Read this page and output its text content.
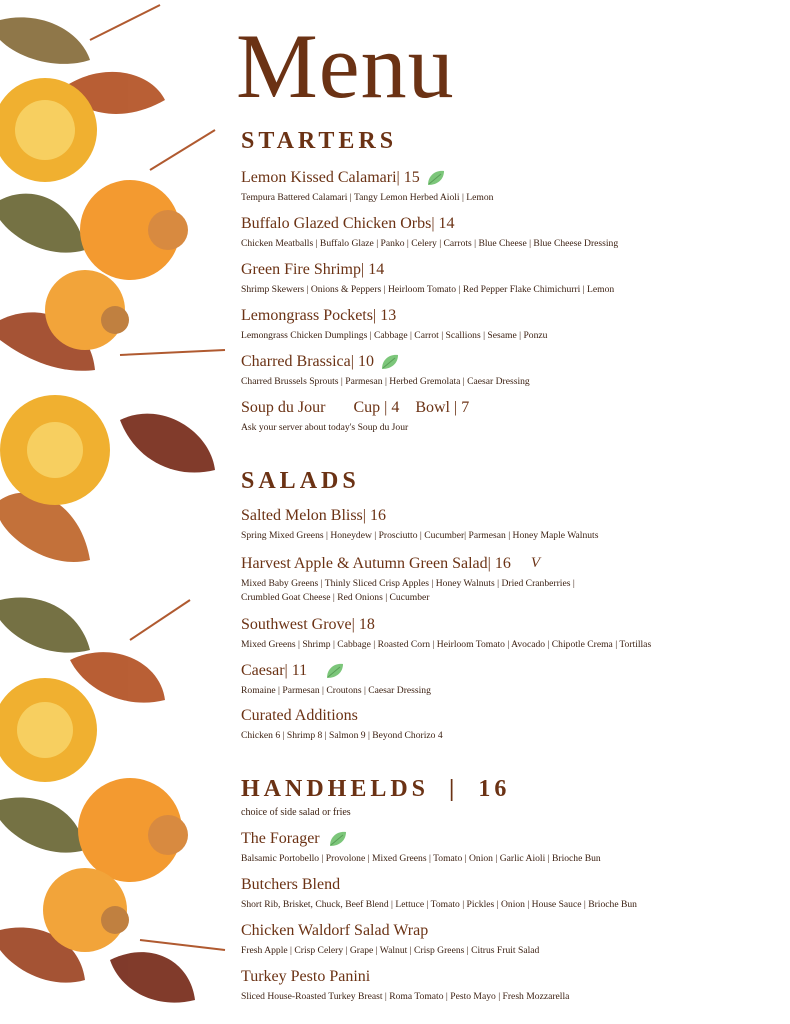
Menu
STARTERS
Lemon Kissed Calamari | 15
Tempura Battered Calamari | Tangy Lemon Herbed Aioli | Lemon
Buffalo Glazed Chicken Orbs | 14
Chicken Meatballs | Buffalo Glaze | Panko | Celery | Carrots | Blue Cheese | Blue Cheese Dressing
Green Fire Shrimp | 14
Shrimp Skewers | Onions & Peppers | Heirloom Tomato | Red Pepper Flake Chimichurri | Lemon
Lemongrass Pockets | 13
Lemongrass Chicken Dumplings | Cabbage | Carrot | Scallions | Sesame | Ponzu
Charred Brassica | 10
Charred Brussels Sprouts | Parmesan | Herbed Gremolata | Caesar Dressing
Soup du Jour Cup | 4 Bowl | 7
Ask your server about today's Soup du Jour
SALADS
Salted Melon Bliss | 16
Spring Mixed Greens | Honeydew | Prosciutto | Cucumber| Parmesan | Honey Maple Walnuts
Harvest Apple & Autumn Green Salad | 16 V
Mixed Baby Greens | Thinly Sliced Crisp Apples | Honey Walnuts | Dried Cranberries |
Crumbled Goat Cheese | Red Onions | Cucumber
Southwest Grove | 18
Mixed Greens | Shrimp | Cabbage | Roasted Corn | Heirloom Tomato | Avocado | Chipotle Crema | Tortillas
Caesar | 11
Romaine | Parmesan | Croutons | Caesar Dressing
Curated Additions
Chicken 6 | Shrimp 8 | Salmon 9 | Beyond Chorizo 4
HANDHELDS  |  16
choice of side salad or fries
The Forager
Balsamic Portobello | Provolone | Mixed Greens | Tomato | Onion | Garlic Aioli | Brioche Bun
Butchers Blend
Short Rib, Brisket, Chuck, Beef Blend | Lettuce | Tomato | Pickles | Onion | House Sauce | Brioche Bun
Chicken Waldorf Salad Wrap
Fresh Apple | Crisp Celery | Grape | Walnut | Crisp Greens | Citrus Fruit Salad
Turkey Pesto Panini
Sliced House-Roasted Turkey Breast | Roma Tomato | Pesto Mayo | Fresh Mozzarella
